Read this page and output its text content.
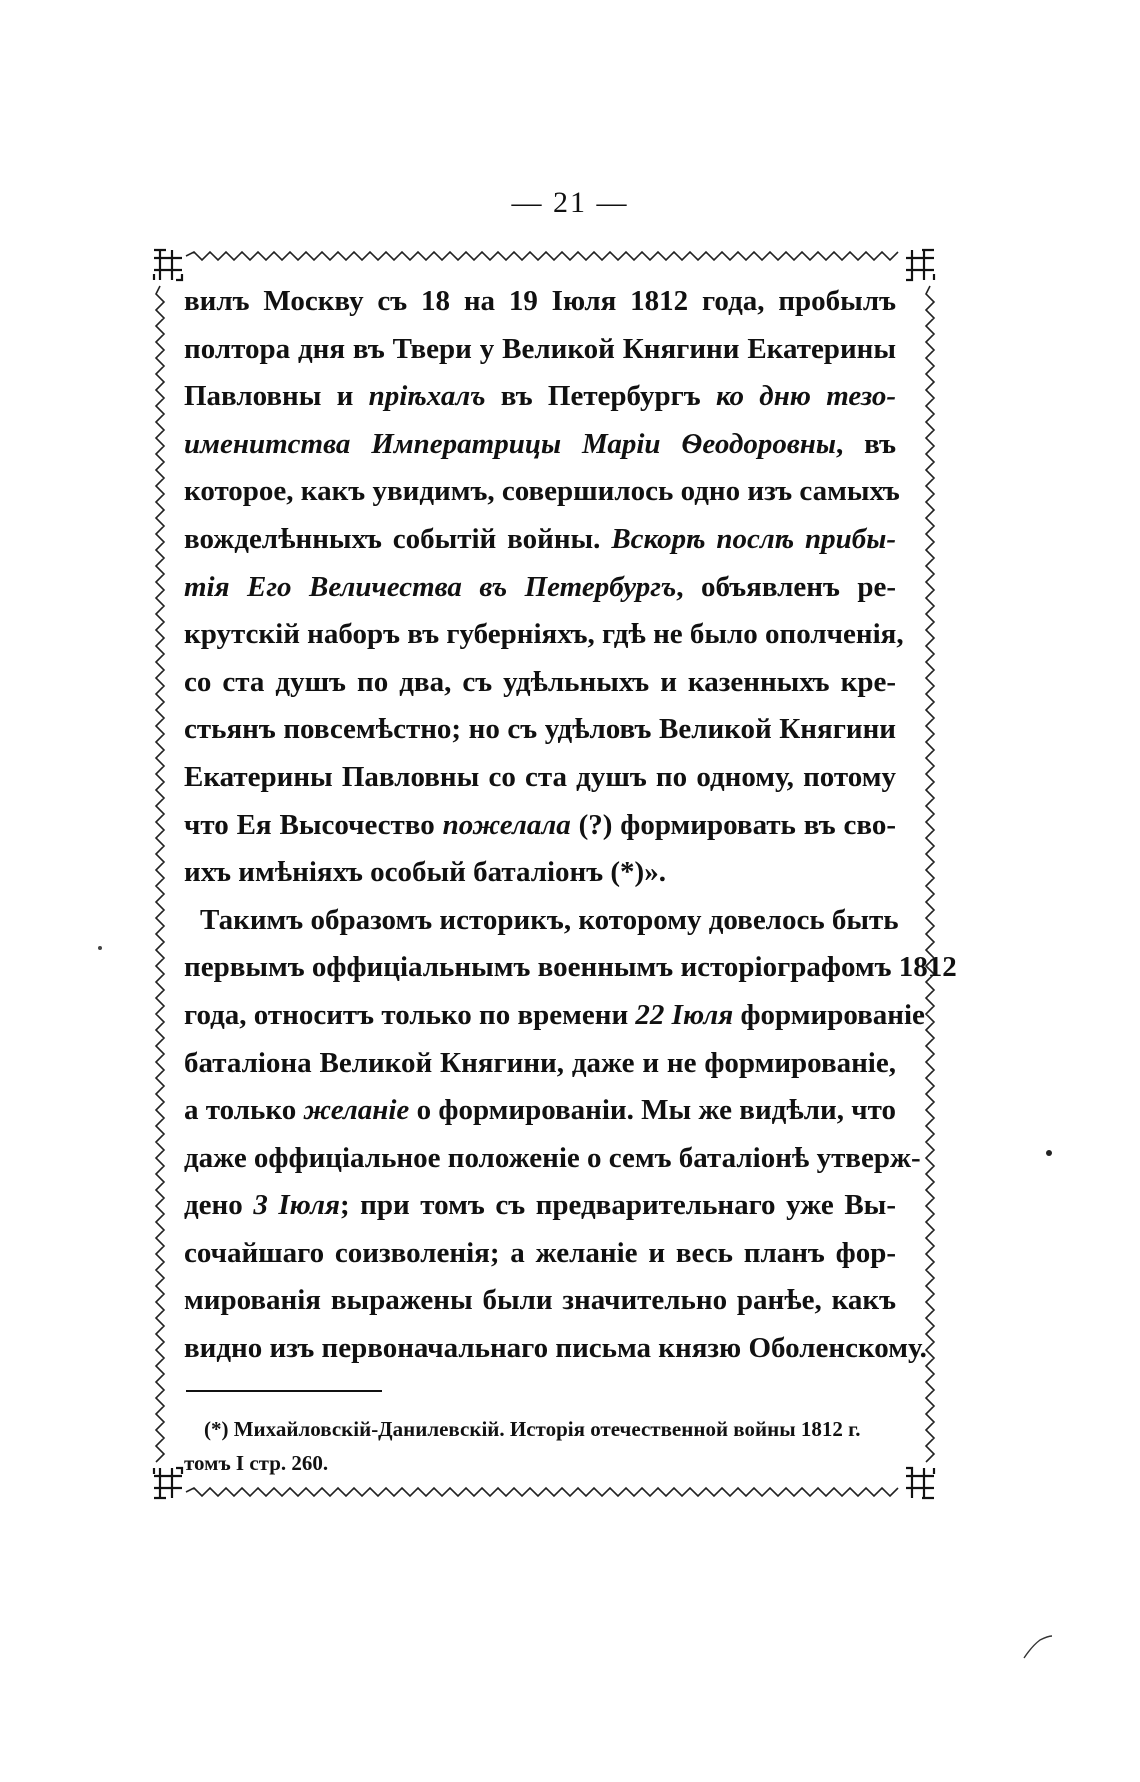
— 21 —
вилъ Москву съ 18 на 19 Іюля 1812 года, пробылъ
полтора дня въ Твери у Великой Княгини Екатерины
Павловны и пріѣхалъ въ Петербургъ ко дню тезо-
именитства Императрицы Маріи Ѳеодоровны, въ
которое, какъ увидимъ, совершилось одно изъ самыхъ
вожделѣнныхъ событій войны. Вскорѣ послѣ прибы-
тія Его Величества въ Петербургъ, объявленъ ре-
крутскій наборъ въ губерніяхъ, гдѣ не было ополченія,
со ста душъ по два, съ удѣльныхъ и казенныхъ кре-
стьянъ повсемѣстно; но съ удѣловъ Великой Княгини
Екатерины Павловны со ста душъ по одному, потому
что Ея Высочество пожелала (?) формировать въ сво-
ихъ имѣніяхъ особый баталіонъ (*)».
Такимъ образомъ историкъ, которому довелось быть
первымъ оффиціальнымъ военнымъ исторіографомъ 1812
года, относитъ только по времени 22 Іюля формированіе
баталіона Великой Княгини, даже и не формированіе,
а только желаніе о формированіи. Мы же видѣли, что
даже оффиціальное положеніе о семъ баталіонѣ утверж-
дено 3 Іюля; при томъ съ предварительнаго уже Вы-
сочайшаго соизволенія; а желаніе и весь планъ фор-
мированія выражены были значительно ранѣе, какъ
видно изъ первоначальнаго письма князю Оболенскому.
(*) Михайловскій-Данилевскій. Исторія отечественной войны 1812 г.
томъ I стр. 260.
